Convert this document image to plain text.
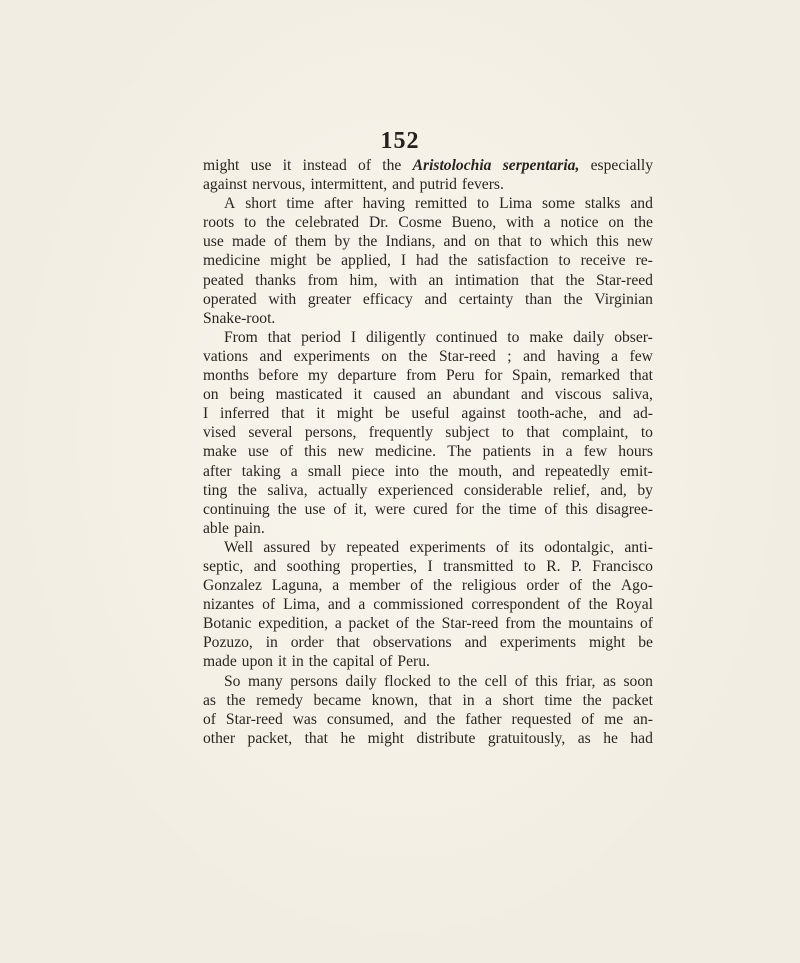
152
might use it instead of the Aristolochia serpentaria, especially
against nervous, intermittent, and putrid fevers.
A short time after having remitted to Lima some stalks and
roots to the celebrated Dr. Cosme Bueno, with a notice on the
use made of them by the Indians, and on that to which this new
medicine might be applied, I had the satisfaction to receive re-
peated thanks from him, with an intimation that the Star-reed
operated with greater efficacy and certainty than the Virginian
Snake-root.
From that period I diligently continued to make daily obser-
vations and experiments on the Star-reed ; and having a few
months before my departure from Peru for Spain, remarked that
on being masticated it caused an abundant and viscous saliva,
I inferred that it might be useful against tooth-ache, and ad-
vised several persons, frequently subject to that complaint, to
make use of this new medicine. The patients in a few hours
after taking a small piece into the mouth, and repeatedly emit-
ting the saliva, actually experienced considerable relief, and, by
continuing the use of it, were cured for the time of this disagree-
able pain.
Well assured by repeated experiments of its odontalgic, anti-
septic, and soothing properties, I transmitted to R. P. Francisco
Gonzalez Laguna, a member of the religious order of the Ago-
nizantes of Lima, and a commissioned correspondent of the Royal
Botanic expedition, a packet of the Star-reed from the mountains of
Pozuzo, in order that observations and experiments might be
made upon it in the capital of Peru.
So many persons daily flocked to the cell of this friar, as soon
as the remedy became known, that in a short time the packet
of Star-reed was consumed, and the father requested of me an-
other packet, that he might distribute gratuitously, as he had
